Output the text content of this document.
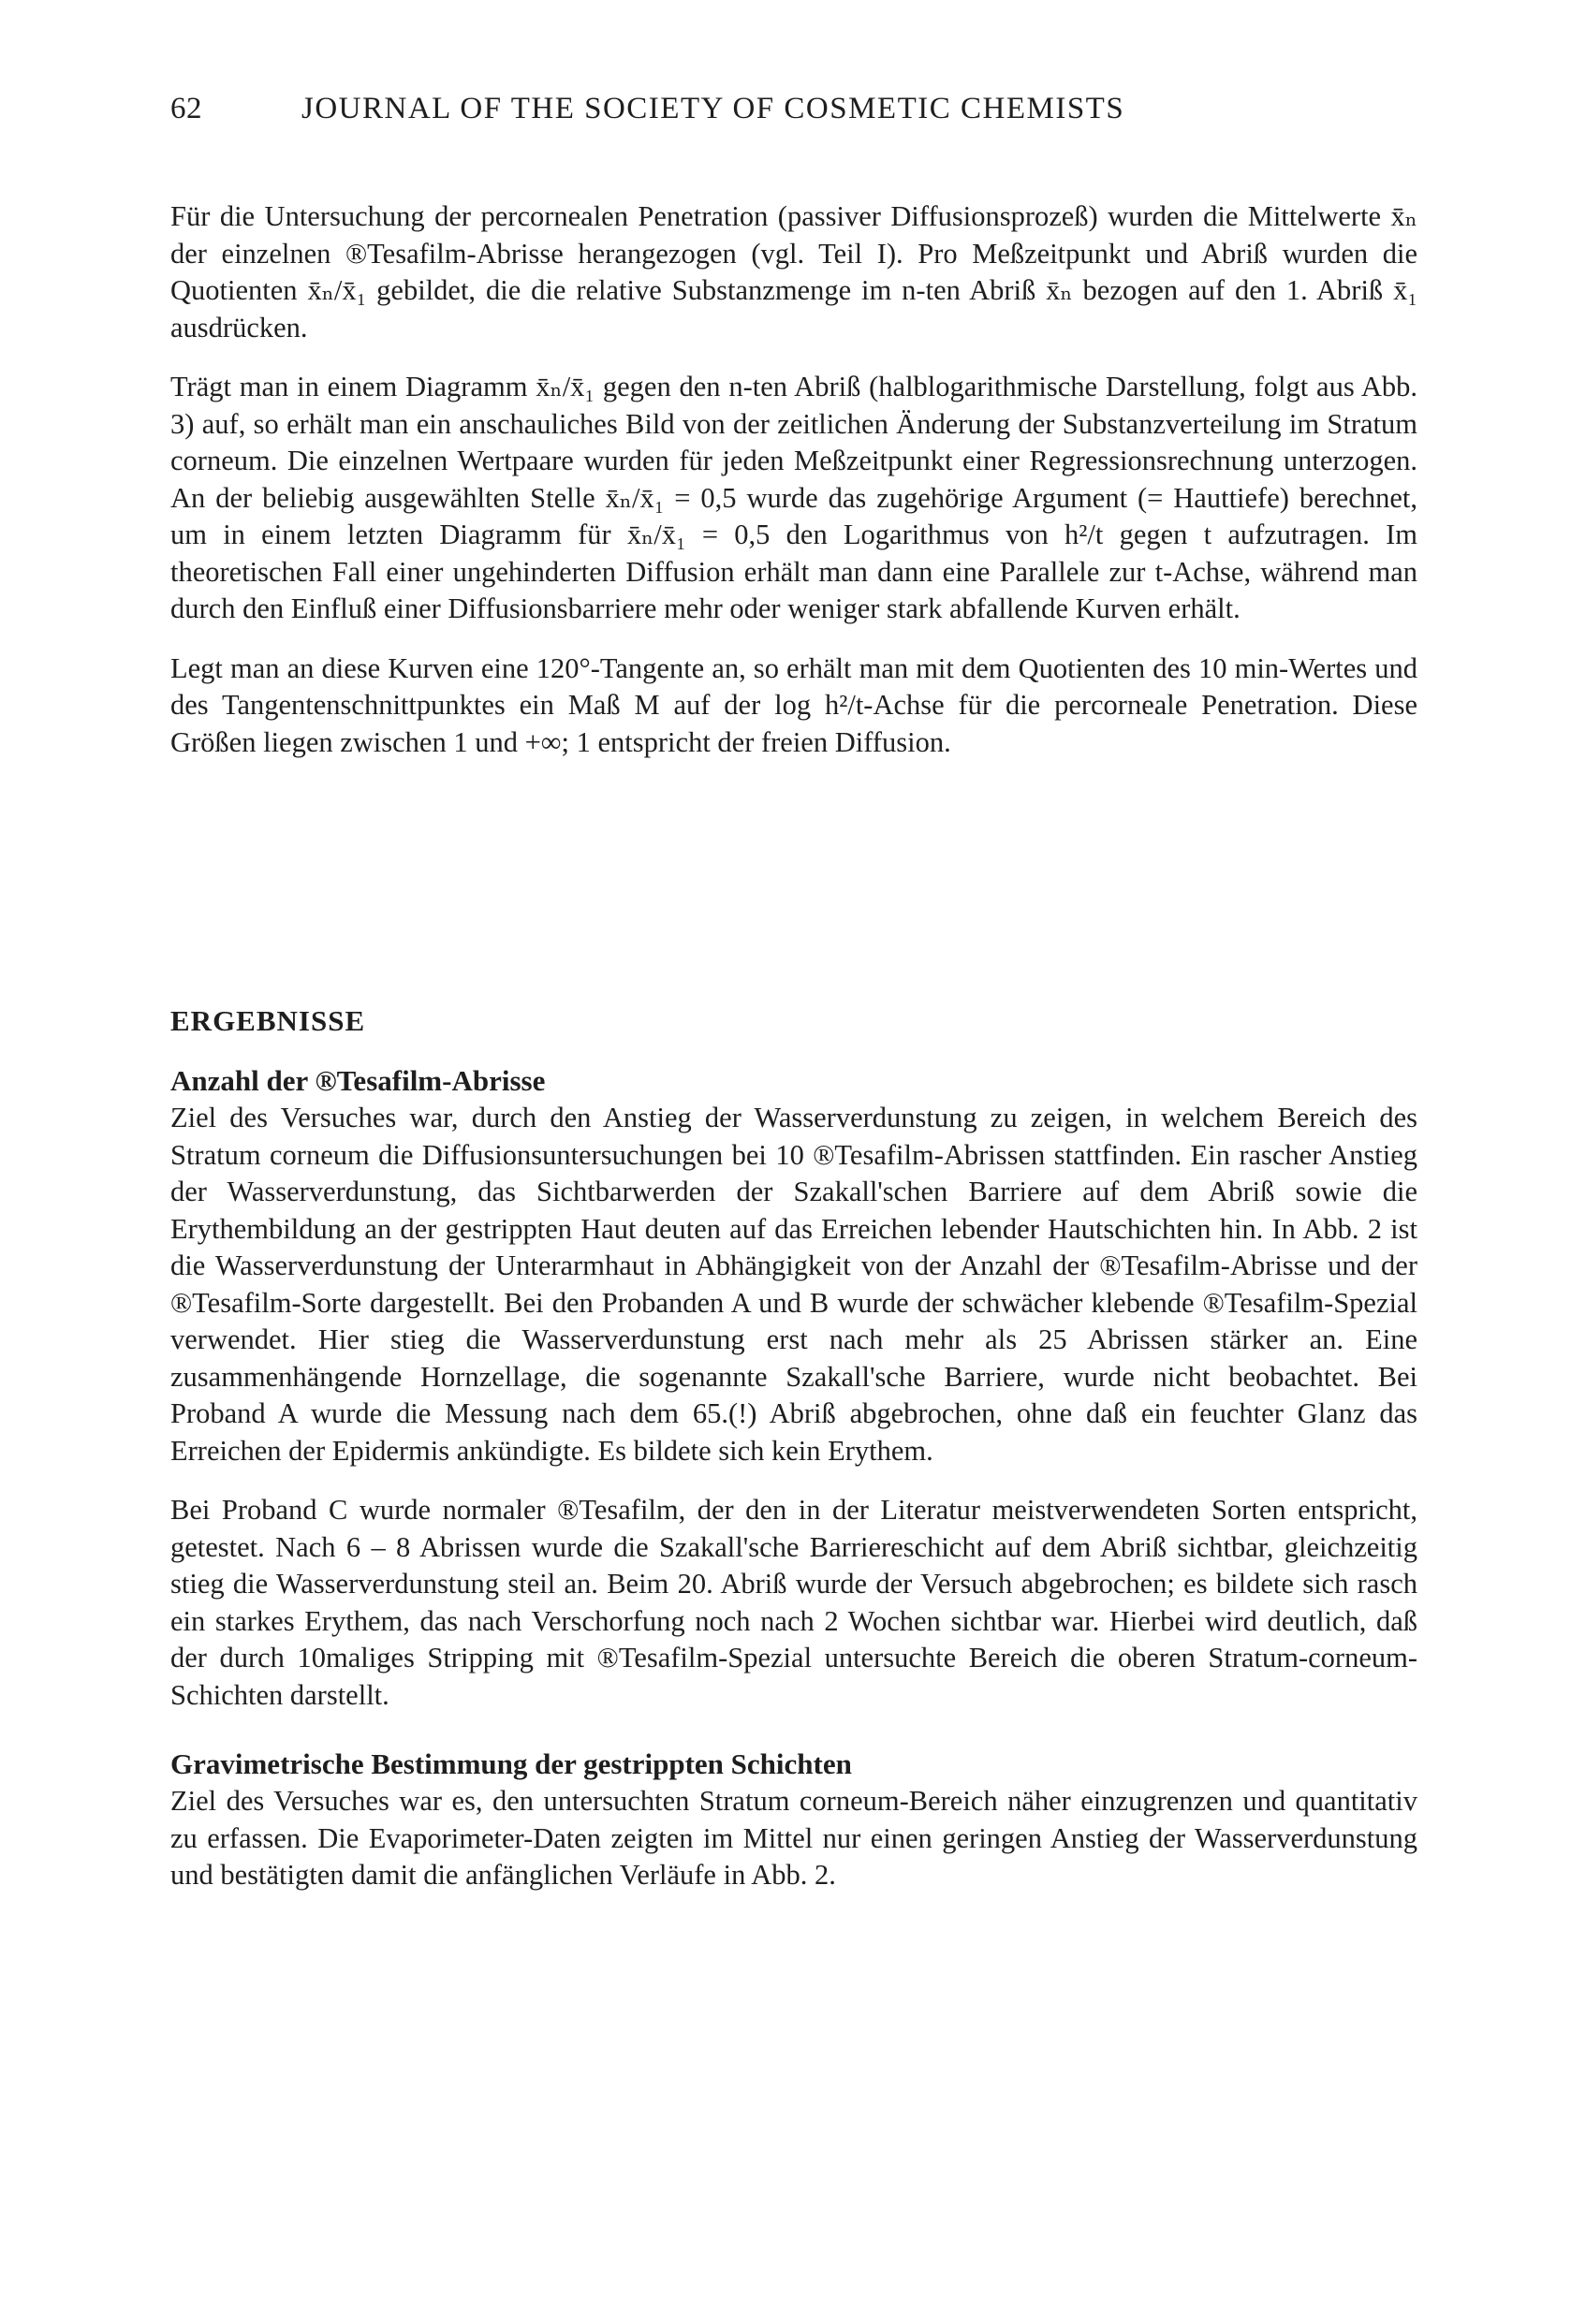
62	JOURNAL OF THE SOCIETY OF COSMETIC CHEMISTS

Für die Untersuchung der percornealen Penetration (passiver Diffusionsprozeß) wurden die Mittelwerte x̄ₙ der einzelnen ®Tesafilm-Abrisse herangezogen (vgl. Teil I). Pro Meßzeitpunkt und Abriß wurden die Quotienten x̄ₙ/x̄₁ gebildet, die die relative Substanzmenge im n-ten Abriß x̄ₙ bezogen auf den 1. Abriß x̄₁ ausdrücken.

Trägt man in einem Diagramm x̄ₙ/x̄₁ gegen den n-ten Abriß (halblogarithmische Darstellung, folgt aus Abb. 3) auf, so erhält man ein anschauliches Bild von der zeitlichen Änderung der Substanzverteilung im Stratum corneum. Die einzelnen Wertpaare wurden für jeden Meßzeitpunkt einer Regressionsrechnung unterzogen. An der beliebig ausgewählten Stelle x̄ₙ/x̄₁ = 0,5 wurde das zugehörige Argument (= Hauttiefe) berechnet, um in einem letzten Diagramm für x̄ₙ/x̄₁ = 0,5 den Logarithmus von h²/t gegen t aufzutragen. Im theoretischen Fall einer ungehinderten Diffusion erhält man dann eine Parallele zur t-Achse, während man durch den Einfluß einer Diffusionsbarriere mehr oder weniger stark abfallende Kurven erhält.

Legt man an diese Kurven eine 120°-Tangente an, so erhält man mit dem Quotienten des 10 min-Wertes und des Tangentenschnittpunktes ein Maß M auf der log h²/t-Achse für die percorneale Penetration. Diese Größen liegen zwischen 1 und +∞; 1 entspricht der freien Diffusion.

ERGEBNISSE
Anzahl der ®Tesafilm-Abrisse

Ziel des Versuches war, durch den Anstieg der Wasserverdunstung zu zeigen, in welchem Bereich des Stratum corneum die Diffusionsuntersuchungen bei 10 ®Tesafilm-Abrissen stattfinden. Ein rascher Anstieg der Wasserverdunstung, das Sichtbarwerden der Szakall'schen Barriere auf dem Abriß sowie die Erythembildung an der gestrippten Haut deuten auf das Erreichen lebender Hautschichten hin. In Abb. 2 ist die Wasserverdunstung der Unterarmhaut in Abhängigkeit von der Anzahl der ®Tesafilm-Abrisse und der ®Tesafilm-Sorte dargestellt. Bei den Probanden A und B wurde der schwächer klebende ®Tesafilm-Spezial verwendet. Hier stieg die Wasserverdunstung erst nach mehr als 25 Abrissen stärker an. Eine zusammenhängende Hornzellage, die sogenannte Szakall'sche Barriere, wurde nicht beobachtet. Bei Proband A wurde die Messung nach dem 65.(!) Abriß abgebrochen, ohne daß ein feuchter Glanz das Erreichen der Epidermis ankündigte. Es bildete sich kein Erythem.

Bei Proband C wurde normaler ®Tesafilm, der den in der Literatur meistverwendeten Sorten entspricht, getestet. Nach 6 – 8 Abrissen wurde die Szakall'sche Barriereschicht auf dem Abriß sichtbar, gleichzeitig stieg die Wasserverdunstung steil an. Beim 20. Abriß wurde der Versuch abgebrochen; es bildete sich rasch ein starkes Erythem, das nach Verschorfung noch nach 2 Wochen sichtbar war. Hierbei wird deutlich, daß der durch 10maliges Stripping mit ®Tesafilm-Spezial untersuchte Bereich die oberen Stratum-corneum-Schichten darstellt.

Gravimetrische Bestimmung der gestrippten Schichten

Ziel des Versuches war es, den untersuchten Stratum corneum-Bereich näher einzugrenzen und quantitativ zu erfassen. Die Evaporimeter-Daten zeigten im Mittel nur einen geringen Anstieg der Wasserverdunstung und bestätigten damit die anfänglichen Verläufe in Abb. 2.
